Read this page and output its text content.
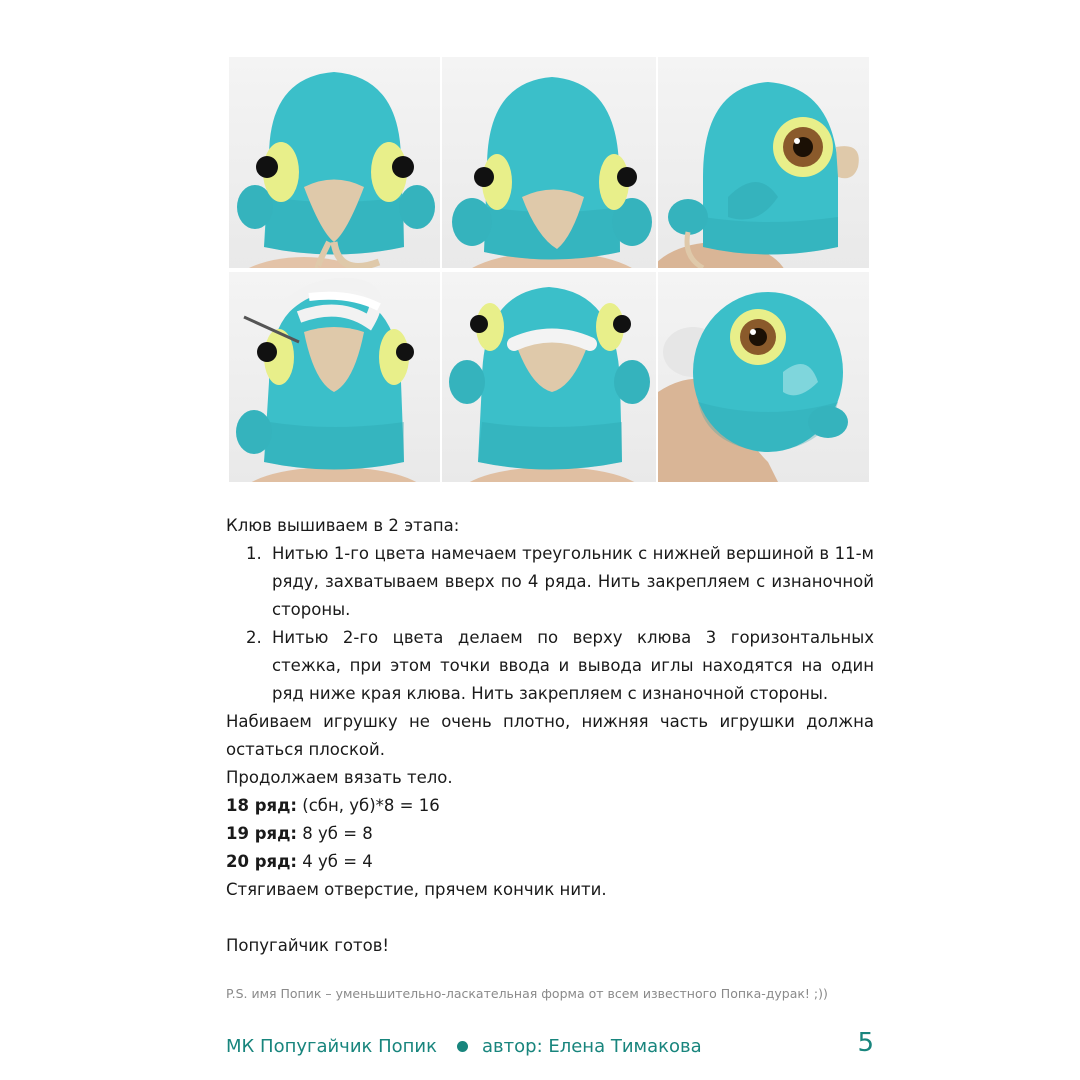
Клюв вышиваем в 2 этапа:

1. Нитью 1-го цвета намечаем треугольник с нижней вершиной в 11-м ряду, захватываем вверх по 4 ряда. Нить закрепляем с изнаночной стороны.
2. Нитью 2-го цвета делаем по верху клюва 3 горизонтальных стежка, при этом точки ввода и вывода иглы находятся на один ряд ниже края клюва. Нить закрепляем с изнаночной стороны.

Набиваем игрушку не очень плотно, нижняя часть игрушки должна остаться плоской.

Продолжаем вязать тело.

18 ряд: (сбн, уб)*8 = 16

19 ряд: 8 уб = 8

20 ряд: 4 уб = 4

Стягиваем отверстие, прячем кончик нити.

Попугайчик готов!

P.S. имя Попик – уменьшительно-ласкательная форма от всем известного Попка-дурак! ;))
МК Попугайчик Попик	автор: Елена Тимакова	5
